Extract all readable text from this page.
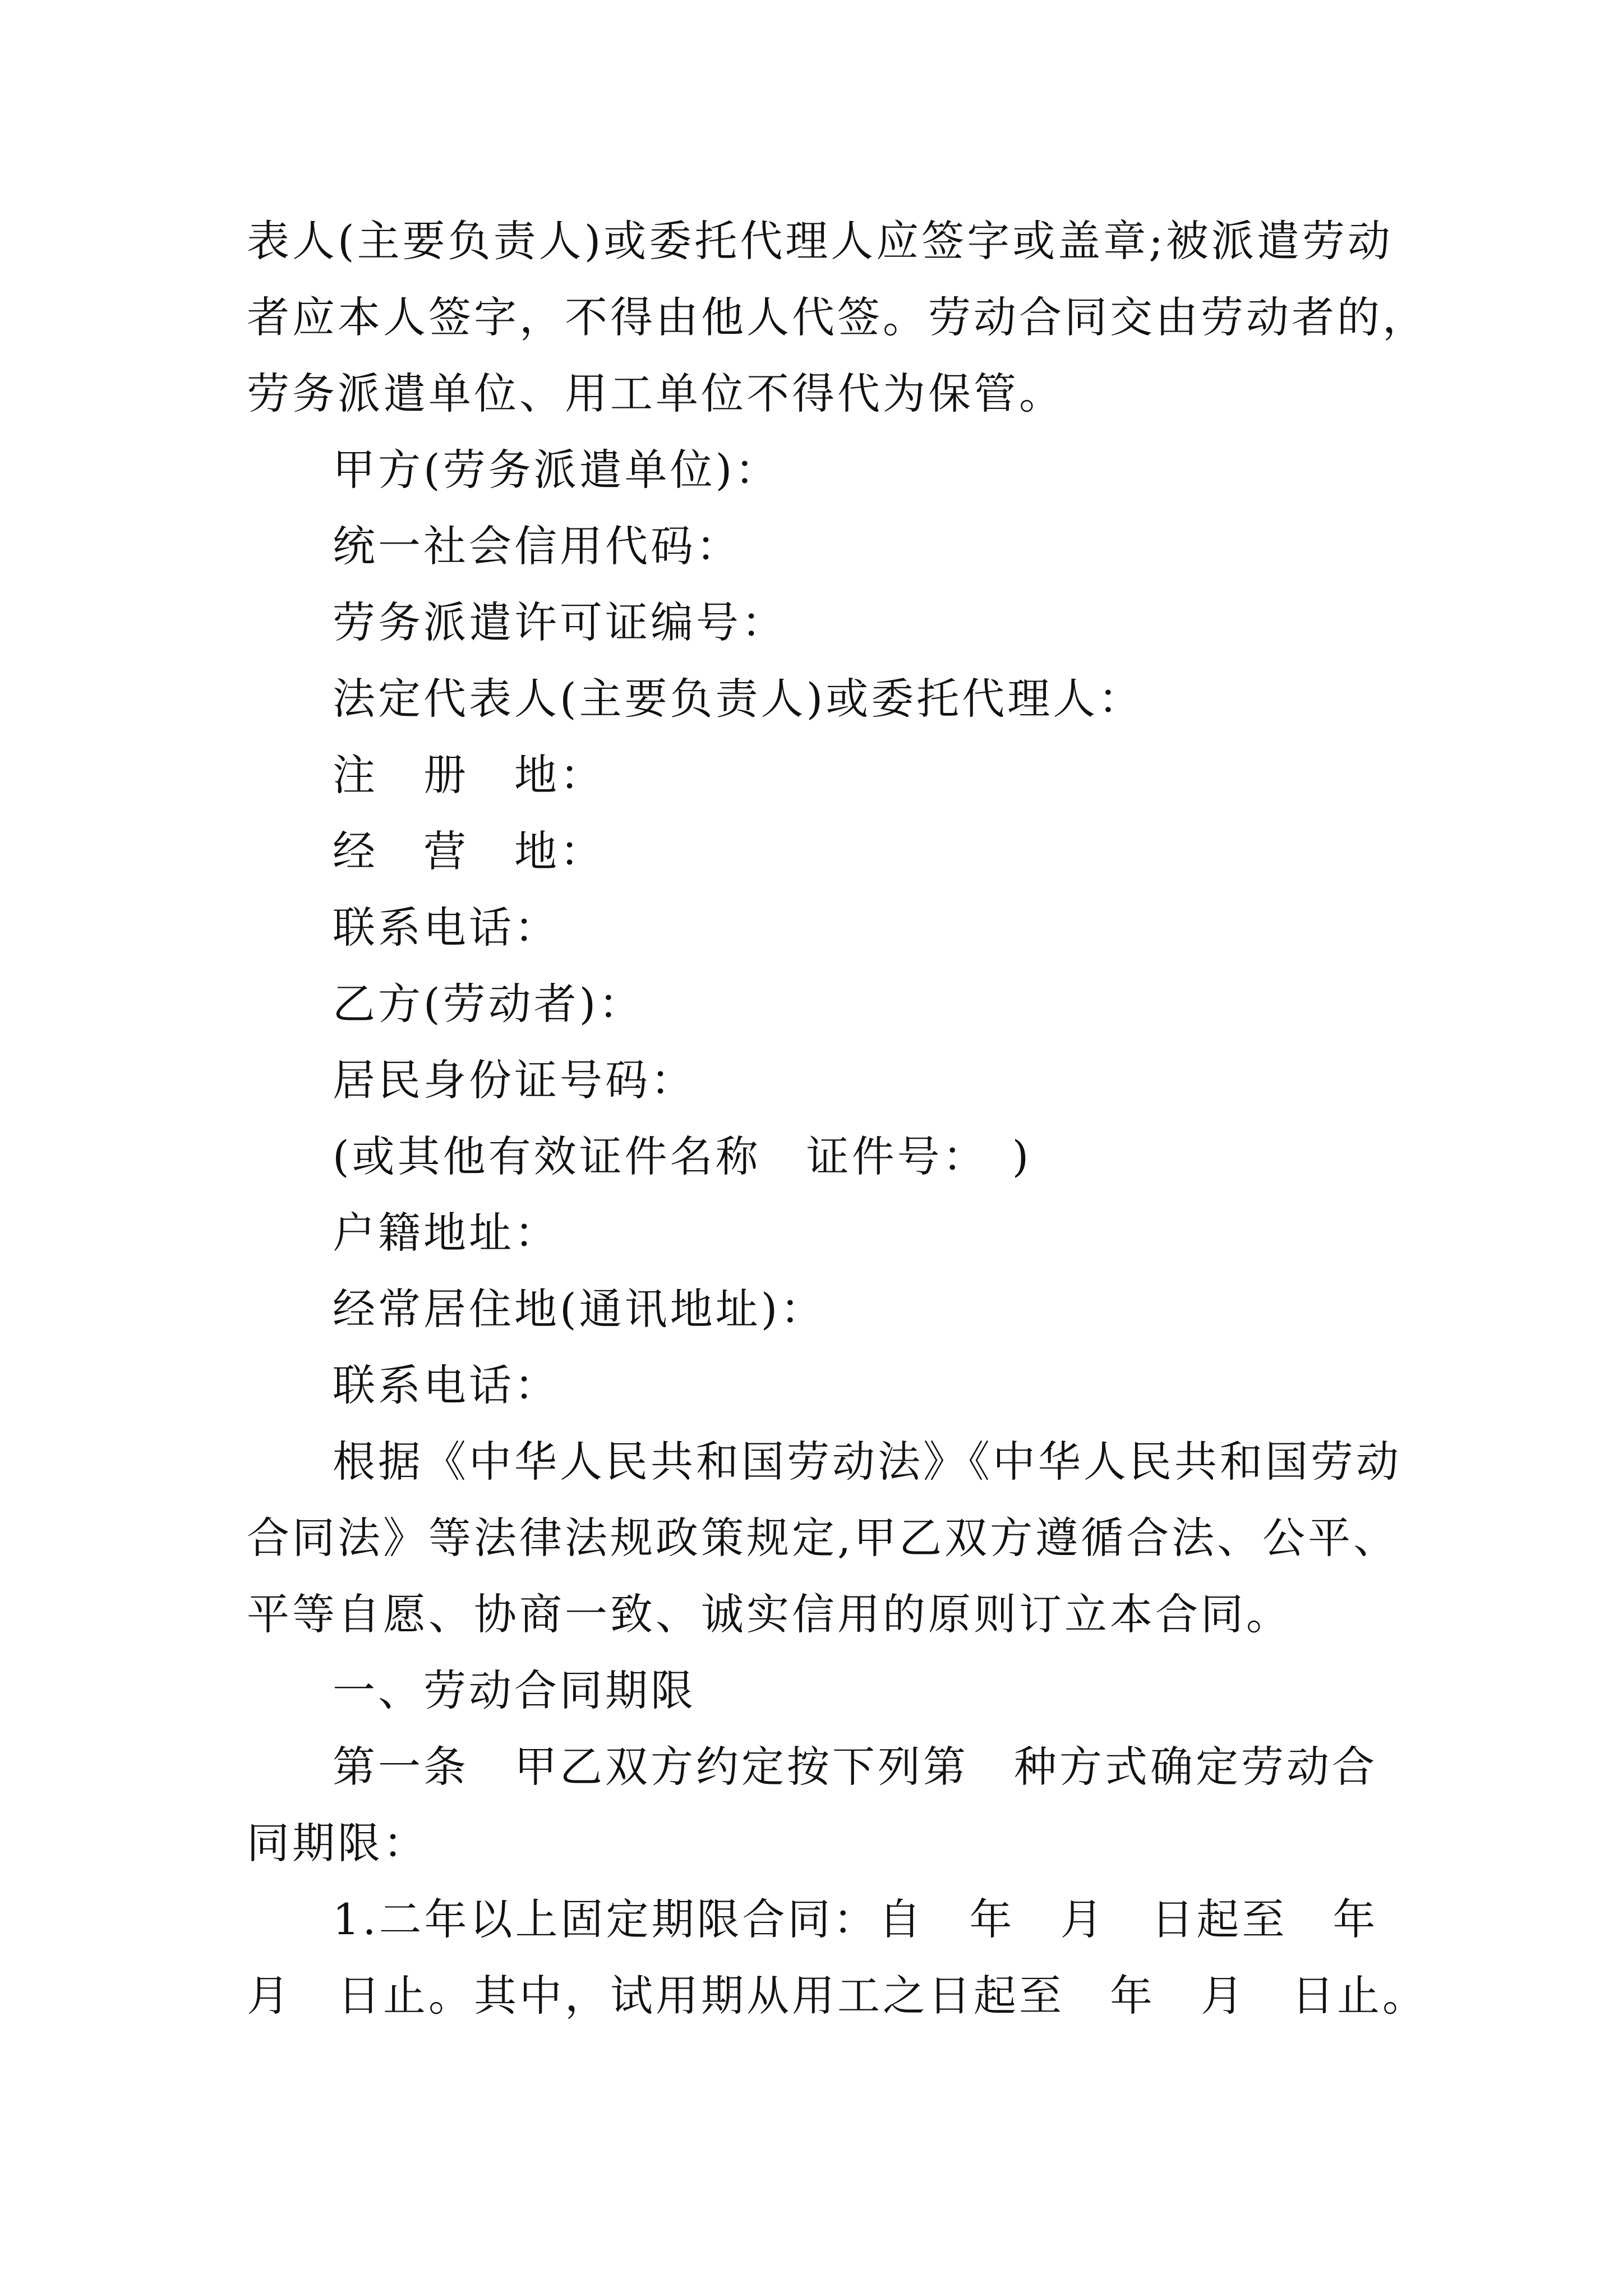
表人(主要负责人)或委托代理人应签字或盖章;被派遣劳动
者应本人签字，不得由他人代签。劳动合同交由劳动者的，
劳务派遣单位、用工单位不得代为保管。
甲方(劳务派遣单位)：
统一社会信用代码：
劳务派遣许可证编号：
法定代表人(主要负责人)或委托代理人：
注　册　地：
经　营　地：
联系电话：
乙方(劳动者)：
居民身份证号码：
(或其他有效证件名称　证件号：　)
户籍地址：
经常居住地(通讯地址)：
联系电话：
根据《中华人民共和国劳动法》《中华人民共和国劳动
合同法》等法律法规政策规定,甲乙双方遵循合法、公平、
平等自愿、协商一致、诚实信用的原则订立本合同。
一、劳动合同期限
第一条　甲乙双方约定按下列第　种方式确定劳动合
同期限：
1.二年以上固定期限合同：自　年　月　日起至　年
月　日止。其中，试用期从用工之日起至　年　月　日止。
